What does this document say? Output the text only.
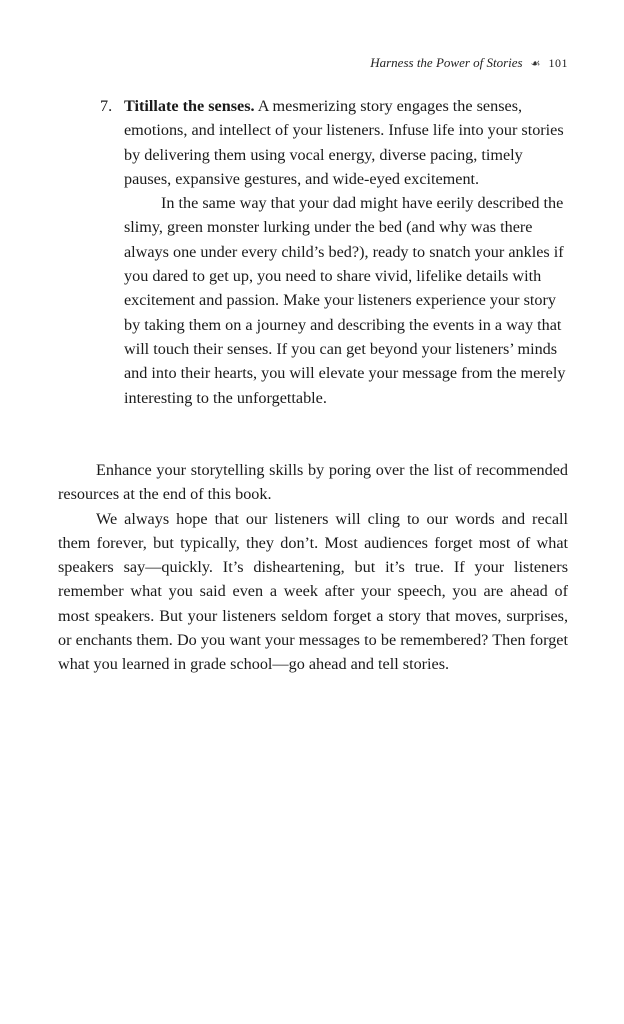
Harness the Power of Stories ☙ 101
7. Titillate the senses. A mesmerizing story engages the senses, emotions, and intellect of your listeners. Infuse life into your stories by delivering them using vocal energy, diverse pacing, timely pauses, expansive gestures, and wide-eyed excitement.

In the same way that your dad might have eerily described the slimy, green monster lurking under the bed (and why was there always one under every child’s bed?), ready to snatch your ankles if you dared to get up, you need to share vivid, lifelike details with excitement and passion. Make your listeners experience your story by taking them on a journey and describing the events in a way that will touch their senses. If you can get beyond your listeners’ minds and into their hearts, you will elevate your message from the merely interesting to the unforgettable.

Enhance your storytelling skills by poring over the list of recommended resources at the end of this book.

We always hope that our listeners will cling to our words and recall them forever, but typically, they don’t. Most audiences forget most of what speakers say—quickly. It’s disheartening, but it’s true. If your listeners remember what you said even a week after your speech, you are ahead of most speakers. But your listeners seldom forget a story that moves, surprises, or enchants them. Do you want your messages to be remembered? Then forget what you learned in grade school—go ahead and tell stories.
